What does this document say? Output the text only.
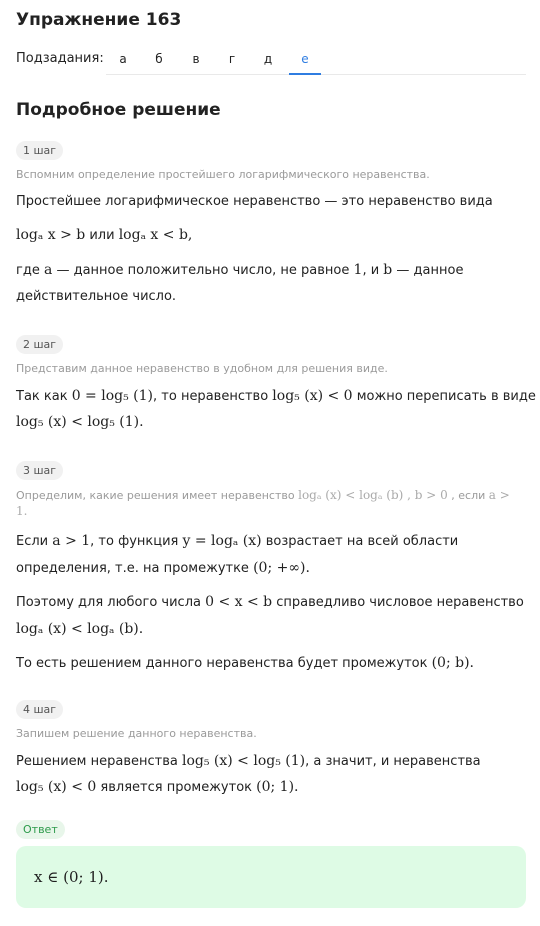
Упражнение 163
Подзадания:	а	б	в	г	д	е
Подробное решение
1 шаг
Вспомним определение простейшего логарифмического неравенства.
Простейшее логарифмическое неравенство — это неравенство вида
logₐ x > b или logₐ x < b,
где a — данное положительно число, не равное 1, и b — данное
действительное число.
2 шаг
Представим данное неравенство в удобном для решения виде.
Так как 0 = log₅ (1), то неравенство log₅ (x) < 0 можно переписать в виде
log₅ (x) < log₅ (1).
3 шаг
Определим, какие решения имеет неравенство logₐ (x) < logₐ (b) , b > 0 , если a >
1.
Если a > 1, то функция y = logₐ (x) возрастает на всей области
определения, т.е. на промежутке (0; +∞).
Поэтому для любого числа 0 < x < b справедливо числовое неравенство
logₐ (x) < logₐ (b).
То есть решением данного неравенства будет промежуток (0; b).
4 шаг
Запишем решение данного неравенства.
Решением неравенства log₅ (x) < log₅ (1), а значит, и неравенства
log₅ (x) < 0 является промежуток (0; 1).
Ответ
x ∈ (0; 1).
